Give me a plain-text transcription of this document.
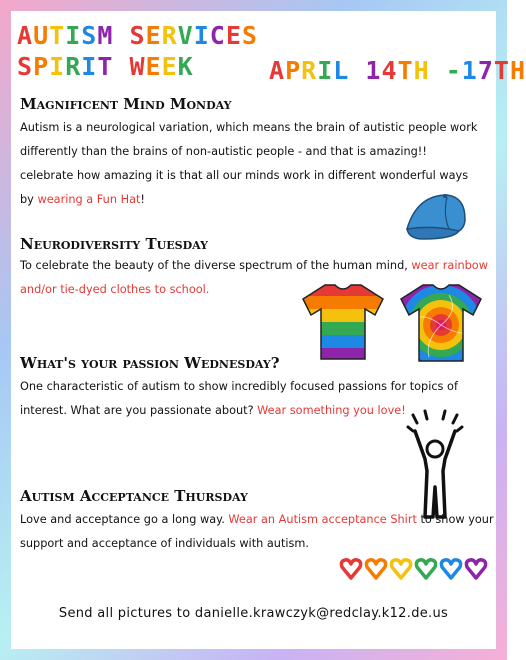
AUTISM SERVICES
SPIRIT WEEK	APRIL 14TH -17TH
Magnificent Mind Monday
Autism is a neurological variation, which means the brain of autistic people work differently than the brains of non-autistic people - and that is amazing!! celebrate how amazing it is that all our minds work in different wonderful ways by wearing a Fun Hat!
Neurodiversity Tuesday
To celebrate the beauty of the diverse spectrum of the human mind, wear rainbow and/or tie-dyed clothes to school.
What's your passion Wednesday?
One characteristic of autism to show incredibly focused passions for topics of interest. What are you passionate about? Wear something you love!
Autism Acceptance Thursday
Love and acceptance go a long way. Wear an Autism acceptance Shirt to show your support and acceptance of individuals with autism.
Send all pictures to danielle.krawczyk@redclay.k12.de.us
